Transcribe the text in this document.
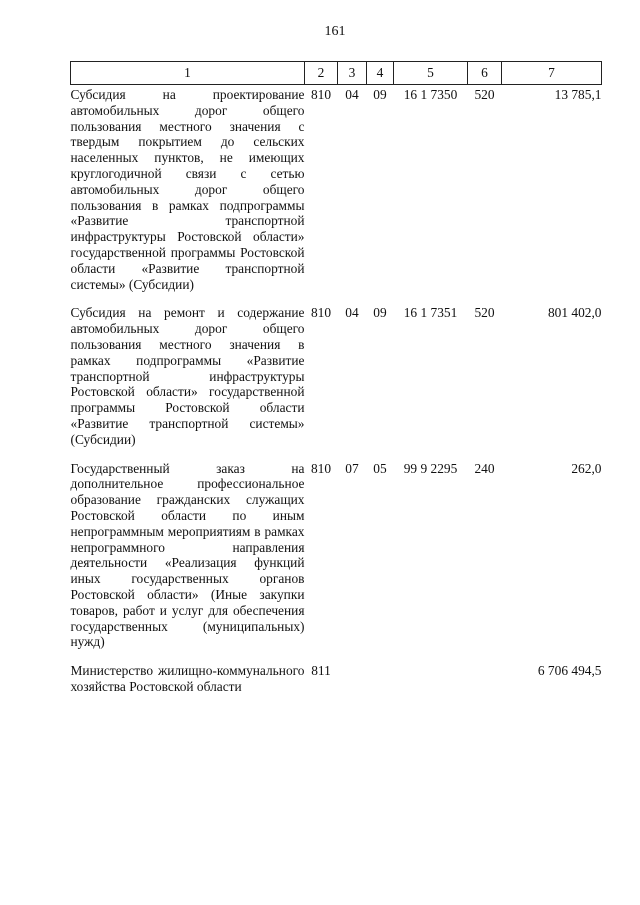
161
1	2	3	4	5	6	7
Субсидия на проектирование автомобильных дорог общего пользования местного значения с твердым покрытием до сельских населенных пунктов, не имеющих круглогодичной связи с сетью автомобильных дорог общего пользования в рамках подпрограммы «Развитие транспортной инфраструктуры Ростовской области» государственной программы Ростовской области «Развитие транспортной системы» (Субсидии)	810	04	09	16 1 7350	520	13 785,1
Субсидия на ремонт и содержание автомобильных дорог общего пользования местного значения в рамках подпрограммы «Развитие транспортной инфраструктуры Ростовской области» государственной программы Ростовской области «Развитие транспортной системы» (Субсидии)	810	04	09	16 1 7351	520	801 402,0
Государственный заказ на дополнительное профессиональное образование гражданских служащих Ростовской области по иным непрограммным мероприятиям в рамках непрограммного направления деятельности «Реализация функций иных государственных органов Ростовской области» (Иные закупки товаров, работ и услуг для обеспечения государственных (муниципальных) нужд)	810	07	05	99 9 2295	240	262,0
Министерство жилищно-коммунального хозяйства Ростовской области	811					6 706 494,5
